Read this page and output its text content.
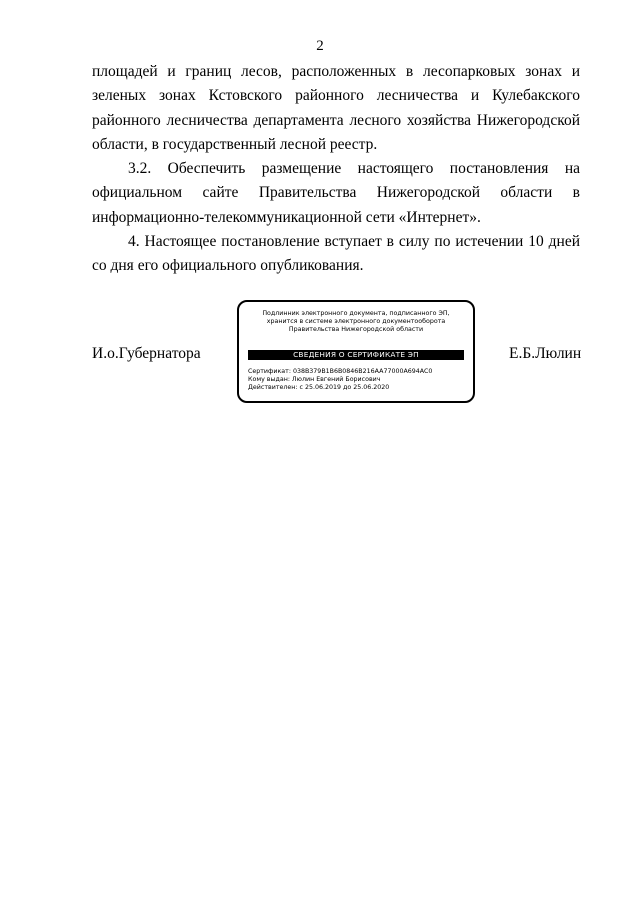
2

площадей и границ лесов, расположенных в лесопарковых зонах и зеленых зонах Кстовского районного лесничества и Кулебакского районного лесничества департамента лесного хозяйства Нижегородской области, в государственный лесной реестр.

3.2. Обеспечить размещение настоящего постановления на официальном сайте Правительства Нижегородской области в информационно-телекоммуникационной сети «Интернет».

4. Настоящее постановление вступает в силу по истечении 10 дней со дня его официального опубликования.

И.о.Губернатора
Подлинник электронного документа, подписанного ЭП,
хранится в системе электронного документооборота
Правительства Нижегородской области
СВЕДЕНИЯ О СЕРТИФИКАТЕ ЭП
Сертификат: 038B379B1B6B0846B216AA77000A694AC0
Кому выдан: Люлин Евгений Борисович
Действителен: с 25.06.2019 до 25.06.2020
Е.Б.Люлин
